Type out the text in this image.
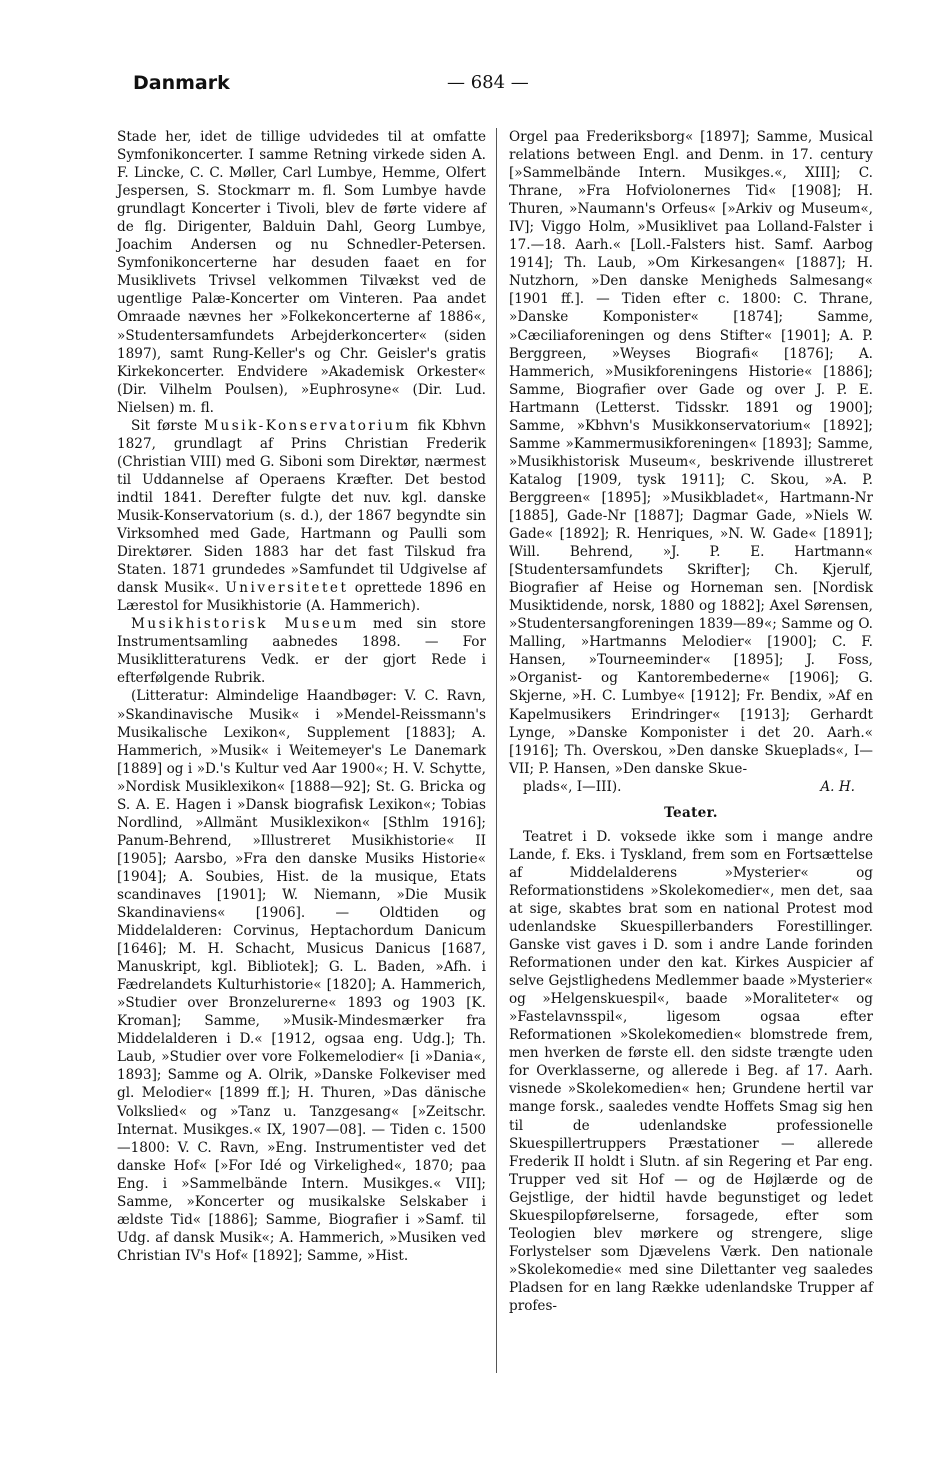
Danmark	— 684 —

Stade her, idet de tillige udvidedes til at omfatte Symfonikoncerter. I samme Retning virkede siden A. F. Lincke, C. C. Møller, Carl Lumbye, Hemme, Olfert Jespersen, S. Stockmarr m. fl. Som Lumbye havde grundlagt Koncerter i Tivoli, blev de førte videre af de flg. Dirigenter, Balduin Dahl, Georg Lumbye, Joachim Andersen og nu Schnedler-Petersen. Symfonikoncerterne har desuden faaet en for Musiklivets Trivsel velkommen Tilvækst ved de ugentlige Palæ-Koncerter om Vinteren. Paa andet Omraade nævnes her »Folkekoncerterne af 1886«, »Studentersamfundets Arbejderkoncerter« (siden 1897), samt Rung-Keller's og Chr. Geisler's gratis Kirkekoncerter. Endvidere »Akademisk Orkester« (Dir. Vilhelm Poulsen), »Euphrosyne« (Dir. Lud. Nielsen) m. fl.

Sit første Musik-Konservatorium fik Kbhvn 1827, grundlagt af Prins Christian Frederik (Christian VIII) med G. Siboni som Direktør, nærmest til Uddannelse af Operaens Kræfter. Det bestod indtil 1841. Derefter fulgte det nuv. kgl. danske Musik-Konservatorium (s. d.), der 1867 begyndte sin Virksomhed med Gade, Hartmann og Paulli som Direktører. Siden 1883 har det fast Tilskud fra Staten. 1871 grundedes »Samfundet til Udgivelse af dansk Musik«. Universitetet oprettede 1896 en Lærestol for Musikhistorie (A. Hammerich).

Musikhistorisk Museum med sin store Instrumentsamling aabnedes 1898. — For Musiklitteraturens Vedk. er der gjort Rede i efterfølgende Rubrik.

(Litteratur: Almindelige Haandbøger: V. C. Ravn, »Skandinavische Musik« i »Mendel-Reissmann's Musikalische Lexikon«, Supplement [1883]; A. Hammerich, »Musik« i Weitemeyer's Le Danemark [1889] og i »D.'s Kultur ved Aar 1900«; H. V. Schytte, »Nordisk Musiklexikon« [1888—92]; St. G. Bricka og S. A. E. Hagen i »Dansk biografisk Lexikon«; Tobias Nordlind, »Allmänt Musiklexikon« [Sthlm 1916]; Panum-Behrend, »Illustreret Musikhistorie« II [1905]; Aarsbo, »Fra den danske Musiks Historie« [1904]; A. Soubies, Hist. de la musique, Etats scandinaves [1901]; W. Niemann, »Die Musik Skandinaviens« [1906]. — Oldtiden og Middelalderen: Corvinus, Heptachordum Danicum [1646]; M. H. Schacht, Musicus Danicus [1687, Manuskript, kgl. Bibliotek]; G. L. Baden, »Afh. i Fædrelandets Kulturhistorie« [1820]; A. Hammerich, »Studier over Bronzelurerne« 1893 og 1903 [K. Kroman]; Samme, »Musik-Mindesmærker fra Middelalderen i D.« [1912, ogsaa eng. Udg.]; Th. Laub, »Studier over vore Folkemelodier« [i »Dania«, 1893]; Samme og A. Olrik, »Danske Folkeviser med gl. Melodier« [1899 ff.]; H. Thuren, »Das dänische Volkslied« og »Tanz u. Tanzgesang« [»Zeitschr. Internat. Musikges.« IX, 1907—08]. — Tiden c. 1500—1800: V. C. Ravn, »Eng. Instrumentister ved det danske Hof« [»For Idé og Virkelighed«, 1870; paa Eng. i »Sammelbände Intern. Musikges.« VII]; Samme, »Koncerter og musikalske Selskaber i ældste Tid« [1886]; Samme, Biografier i »Samf. til Udg. af dansk Musik«; A. Hammerich, »Musiken ved Christian IV's Hof« [1892]; Samme, »Hist.

Orgel paa Frederiksborg« [1897]; Samme, Musical relations between Engl. and Denm. in 17. century [»Sammelbände Intern. Musikges.«, XIII]; C. Thrane, »Fra Hofviolonernes Tid« [1908]; H. Thuren, »Naumann's Orfeus« [»Arkiv og Museum«, IV]; Viggo Holm, »Musiklivet paa Lolland-Falster i 17.—18. Aarh.« [Loll.-Falsters hist. Samf. Aarbog 1914]; Th. Laub, »Om Kirkesangen« [1887]; H. Nutzhorn, »Den danske Menigheds Salmesang« [1901 ff.]. — Tiden efter c. 1800: C. Thrane, »Danske Komponister« [1874]; Samme, »Cæciliaforeningen og dens Stifter« [1901]; A. P. Berggreen, »Weyses Biografi« [1876]; A. Hammerich, »Musikforeningens Historie« [1886]; Samme, Biografier over Gade og over J. P. E. Hartmann (Letterst. Tidsskr. 1891 og 1900]; Samme, »Kbhvn's Musikkonservatorium« [1892]; Samme »Kammermusikforeningen« [1893]; Samme, »Musikhistorisk Museum«, beskrivende illustreret Katalog [1909, tysk 1911]; C. Skou, »A. P. Berggreen« [1895]; »Musikbladet«, Hartmann-Nr [1885], Gade-Nr [1887]; Dagmar Gade, »Niels W. Gade« [1892]; R. Henriques, »N. W. Gade« [1891]; Will. Behrend, »J. P. E. Hartmann« [Studentersamfundets Skrifter]; Ch. Kjerulf, Biografier af Heise og Horneman sen. [Nordisk Musiktidende, norsk, 1880 og 1882]; Axel Sørensen, »Studentersangforeningen 1839—89«; Samme og O. Malling, »Hartmanns Melodier« [1900]; C. F. Hansen, »Tourneeminder« [1895]; J. Foss, »Organist- og Kantorembederne« [1906]; G. Skjerne, »H. C. Lumbye« [1912]; Fr. Bendix, »Af en Kapelmusikers Erindringer« [1913]; Gerhardt Lynge, »Danske Komponister i det 20. Aarh.« [1916]; Th. Overskou, »Den danske Skueplads«, I—VII; P. Hansen, »Den danske Skue-

plads«, I—III).	A. H.

Teater.

Teatret i D. voksede ikke som i mange andre Lande, f. Eks. i Tyskland, frem som en Fortsættelse af Middelalderens »Mysterier« og Reformationstidens »Skolekomedier«, men det, saa at sige, skabtes brat som en national Protest mod udenlandske Skuespillerbanders Forestillinger. Ganske vist gaves i D. som i andre Lande forinden Reformationen under den kat. Kirkes Auspicier af selve Gejstlighedens Medlemmer baade »Mysterier« og »Helgenskuespil«, baade »Moraliteter« og »Fastelavnsspil«, ligesom ogsaa efter Reformationen »Skolekomedien« blomstrede frem, men hverken de første ell. den sidste trængte uden for Overklasserne, og allerede i Beg. af 17. Aarh. visnede »Skolekomedien« hen; Grundene hertil var mange forsk., saaledes vendte Hoffets Smag sig hen til de udenlandske professionelle Skuespillertruppers Præstationer — allerede Frederik II holdt i Slutn. af sin Regering et Par eng. Trupper ved sit Hof — og de Højlærde og de Gejstlige, der hidtil havde begunstiget og ledet Skuespilopførelserne, forsagede, efter som Teologien blev mørkere og strengere, slige Forlystelser som Djævelens Værk. Den nationale »Skolekomedie« med sine Dilettanter veg saaledes Pladsen for en lang Række udenlandske Trupper af profes-
